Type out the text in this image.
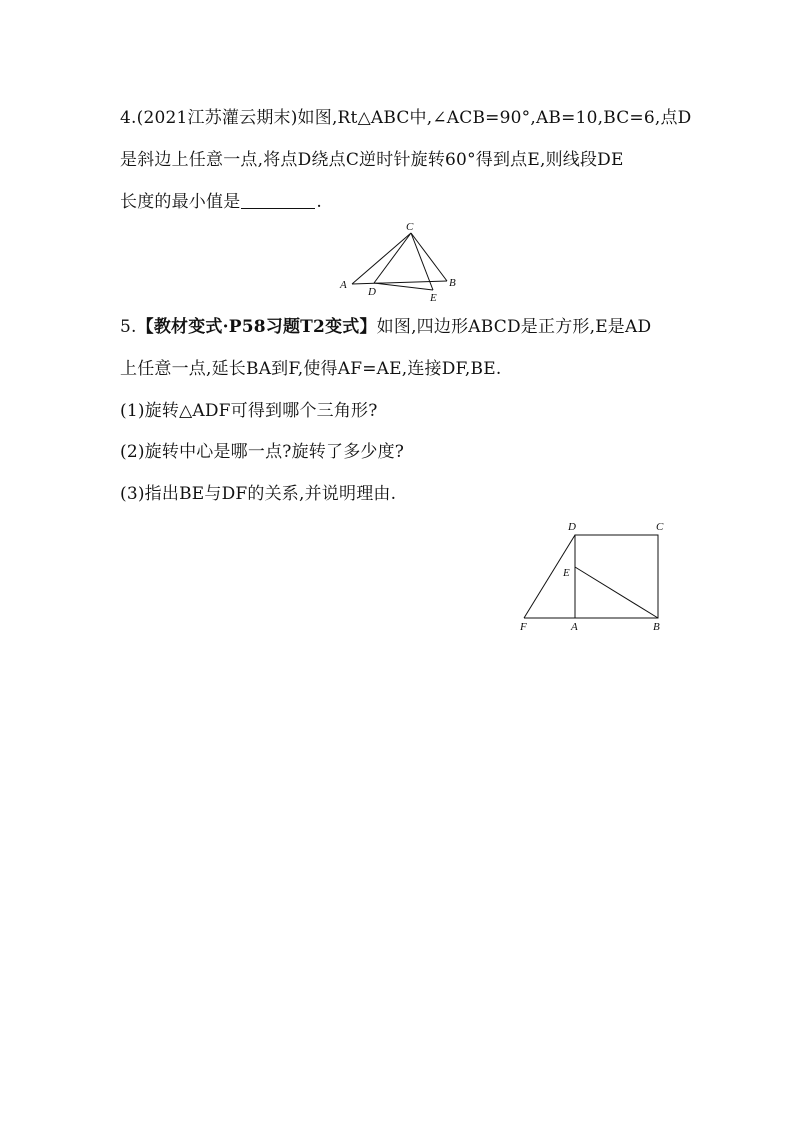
4.(2021江苏灌云期末)如图,Rt△ABC中,∠ACB=90°,AB=10,BC=6,点D
是斜边上任意一点,将点D绕点C逆时针旋转60°得到点E,则线段DE
长度的最小值是	.
C
A	B
D	E
5.【教材变式·P58习题T2变式】如图,四边形ABCD是正方形,E是AD
上任意一点,延长BA到F,使得AF=AE,连接DF,BE.
(1)旋转△ADF可得到哪个三角形?
(2)旋转中心是哪一点?旋转了多少度?
(3)指出BE与DF的关系,并说明理由.
D	C
E
F	A	B
